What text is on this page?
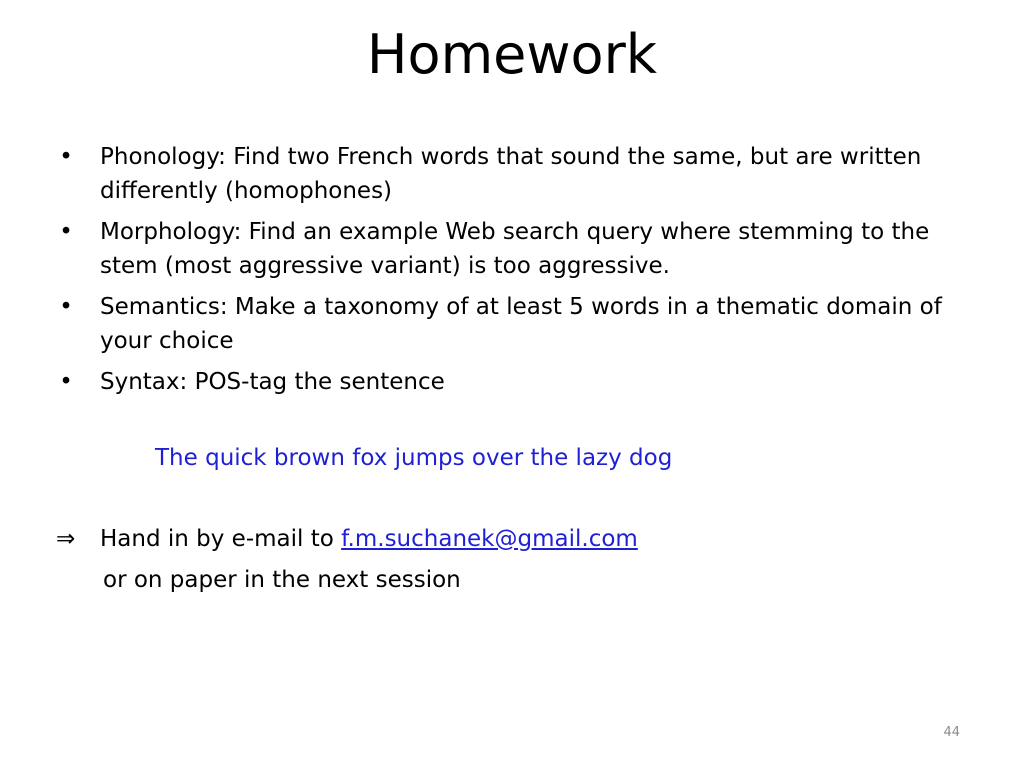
Homework
• Phonology: Find two French words that sound the same, but are written differently (homophones)
• Morphology: Find an example Web search query where stemming to the stem (most aggressive variant) is too aggressive.
• Semantics: Make a taxonomy of at least 5 words in a thematic domain of your choice
• Syntax: POS-tag the sentence
The quick brown fox jumps over the lazy dog
⇒ Hand in by e-mail to f.m.suchanek@gmail.com
or on paper in the next session
44
